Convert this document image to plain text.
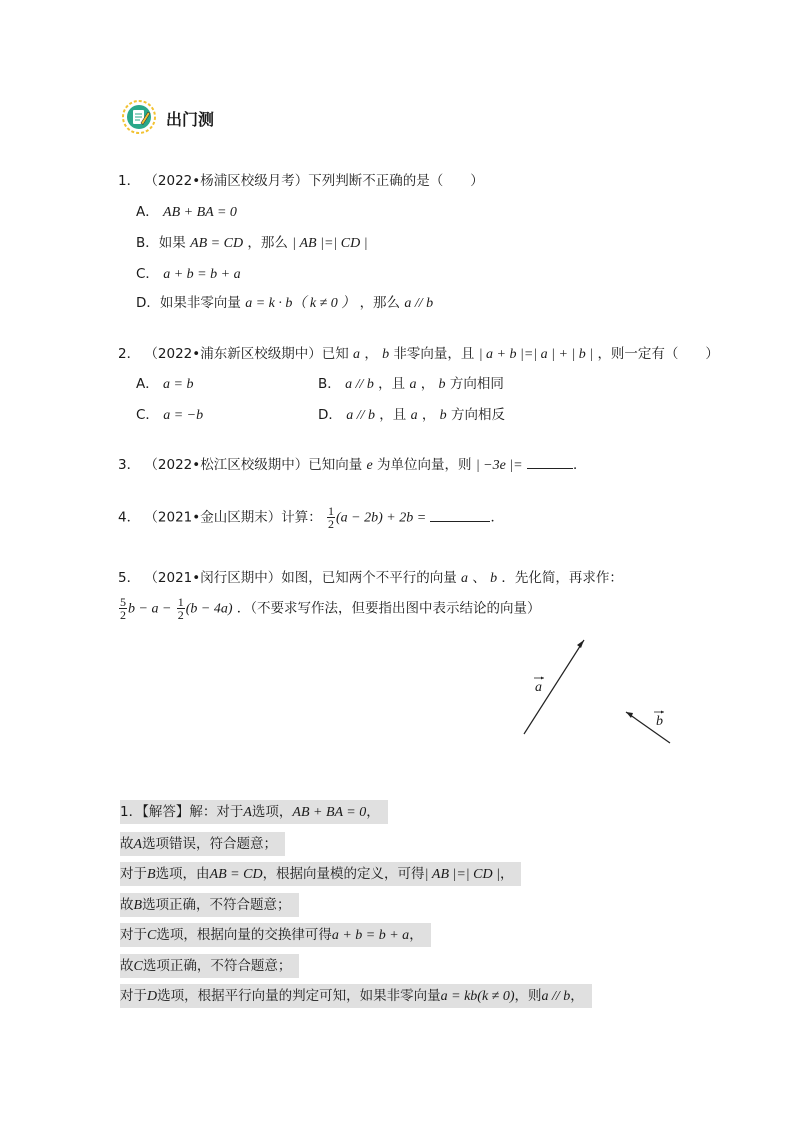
出门测
1． （2022•杨浦区校级月考）下列判断不正确的是（　　）
A． AB + BA = 0
B．如果 AB = CD ，那么 | AB |=| CD |
C． a + b = b + a
D．如果非零向量 a = k · b（ k ≠ 0 ） ，那么 a // b
2． （2022•浦东新区校级期中）已知 a ， b 非零向量，且 | a + b |=| a | + | b | ，则一定有（　　）
A． a = b	B． a // b ，且 a ， b 方向相同
C． a = −b	D． a // b ，且 a ， b 方向相反
3． （2022•松江区校级期中）已知向量 e 为单位向量，则 | −3e |=	．
4． （2021•金山区期末）计算： $\frac{1}{2} (a - 2b) + 2b$ =	．
5． （2021•闵行区期中）如图，已知两个不平行的向量 a 、 b ．先化简，再求作：
$\frac{5}{2}$ $b - a - \frac{1}{2} (b - 4a)$ ．（不要求写作法，但要指出图中表示结论的向量）
a
b
1．【解答】解：对于A选项，AB + BA = 0，
故A选项错误，符合题意；
对于B选项，由AB = CD，根据向量模的定义，可得| AB |=| CD |，
故B选项正确，不符合题意；
对于C选项，根据向量的交换律可得a + b = b + a，
故C选项正确，不符合题意；
对于D选项，根据平行向量的判定可知，如果非零向量a = kb(k ≠ 0)，则a // b，
